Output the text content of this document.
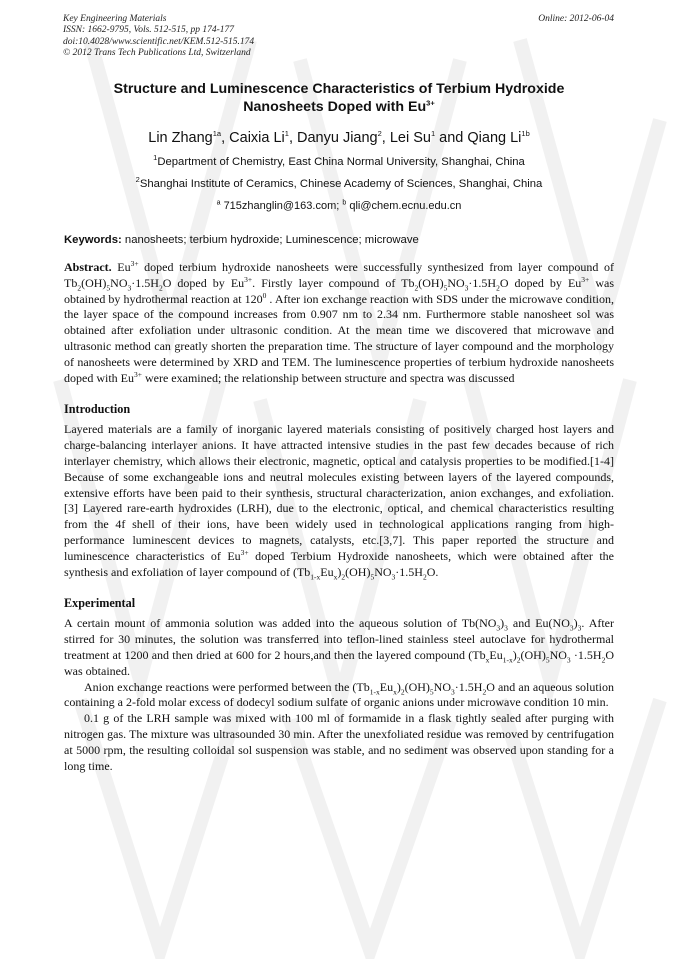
Key Engineering Materials
ISSN: 1662-9795, Vols. 512-515, pp 174-177
doi:10.4028/www.scientific.net/KEM.512-515.174
© 2012 Trans Tech Publications Ltd, Switzerland
Online: 2012-06-04
Structure and Luminescence Characteristics of Terbium Hydroxide
Nanosheets Doped with $Eu^{3+}$
Lin Zhang$^{1a}$, Caixia Li$^1$, Danyu Jiang$^2$, Lei Su$^1$ and Qiang $Li^{1b}$
$^1$Department of Chemistry, East China Normal University, Shanghai, China
$^2$Shanghai Institute of Ceramics, Chinese Academy of Sciences, Shanghai, China
$^a$ 715zhanglin@163.com; $^b$ qli@chem.ecnu.edu.cn
Keywords: nanosheets; terbium hydroxide; Luminescence; microwave

Abstract. $Eu^{3+}$ doped terbium hydroxide nanosheets were successfully synthesized from layer compound of $Tb_2(OH)_5NO_3\cdot 1.5H_2O$ doped by $Eu^{3+}$. Firstly layer compound of $Tb_2(OH)_5NO_3\cdot 1.5H_2O$ doped by $Eu^{3+}$ was obtained by hydrothermal reaction at $120^0$ . After ion exchange reaction with SDS under the microwave condition, the layer space of the compound increases from 0.907 nm to 2.34 nm. Furthermore stable nanosheet sol was obtained after exfoliation under ultrasonic condition. At the mean time we discovered that microwave and ultrasonic method can greatly shorten the preparation time. The structure of layer compound and the morphology of nanosheets were determined by XRD and TEM. The luminescence properties of terbium hydroxide nanosheets doped with $Eu^{3+}$ were examined; the relationship between structure and spectra was discussed

Introduction

Layered materials are a family of inorganic layered materials consisting of positively charged host layers and charge-balancing interlayer anions. It have attracted intensive studies in the past few decades because of rich interlayer chemistry, which allows their electronic, magnetic, optical and catalysis properties to be modified.[1-4] Because of some exchangeable ions and neutral molecules existing between layers of the layered compounds, extensive efforts have been paid to their synthesis, structural characterization, anion exchanges, and exfoliation.[3] Layered rare-earth hydroxides (LRH), due to the electronic, optical, and chemical characteristics resulting from the 4f shell of their ions, have been widely used in technological applications ranging from high-performance luminescent devices to magnets, catalysts, etc.[3,7]. This paper reported the structure and luminescence characteristics of $Eu^{3+}$ doped Terbium Hydroxide nanosheets, which were obtained after the synthesis and exfoliation of layer compound of $(Tb_{1-x}Eu_x)_2(OH)_5NO_3\cdot 1.5H_2O$.

Experimental

A certain mount of ammonia solution was added into the aqueous solution of $Tb(NO_3)_3$ and $Eu(NO_3)_3$. After stirred for 30 minutes, the solution was transferred into teflon-lined stainless steel autoclave for hydrothermal treatment at 1200 and then dried at 600 for 2 hours,and then the layered compound $(Tb_xEu_{1-x})_2(OH)_5NO_3 \cdot 1.5H_2O$ was obtained.

Anion exchange reactions were performed between the $(Tb_{1-x}Eu_x)_2(OH)_5NO_3\cdot 1.5H_2O$ and an aqueous solution containing a 2-fold molar excess of dodecyl sodium sulfate of organic anions under microwave condition 10 min.

0.1 g of the LRH sample was mixed with 100 ml of formamide in a flask tightly sealed after purging with nitrogen gas. The mixture was ultrasounded 30 min. After the unexfoliated residue was removed by centrifugation at 5000 rpm, the resulting colloidal sol suspension was stable, and no sediment was observed upon standing for a long time.
